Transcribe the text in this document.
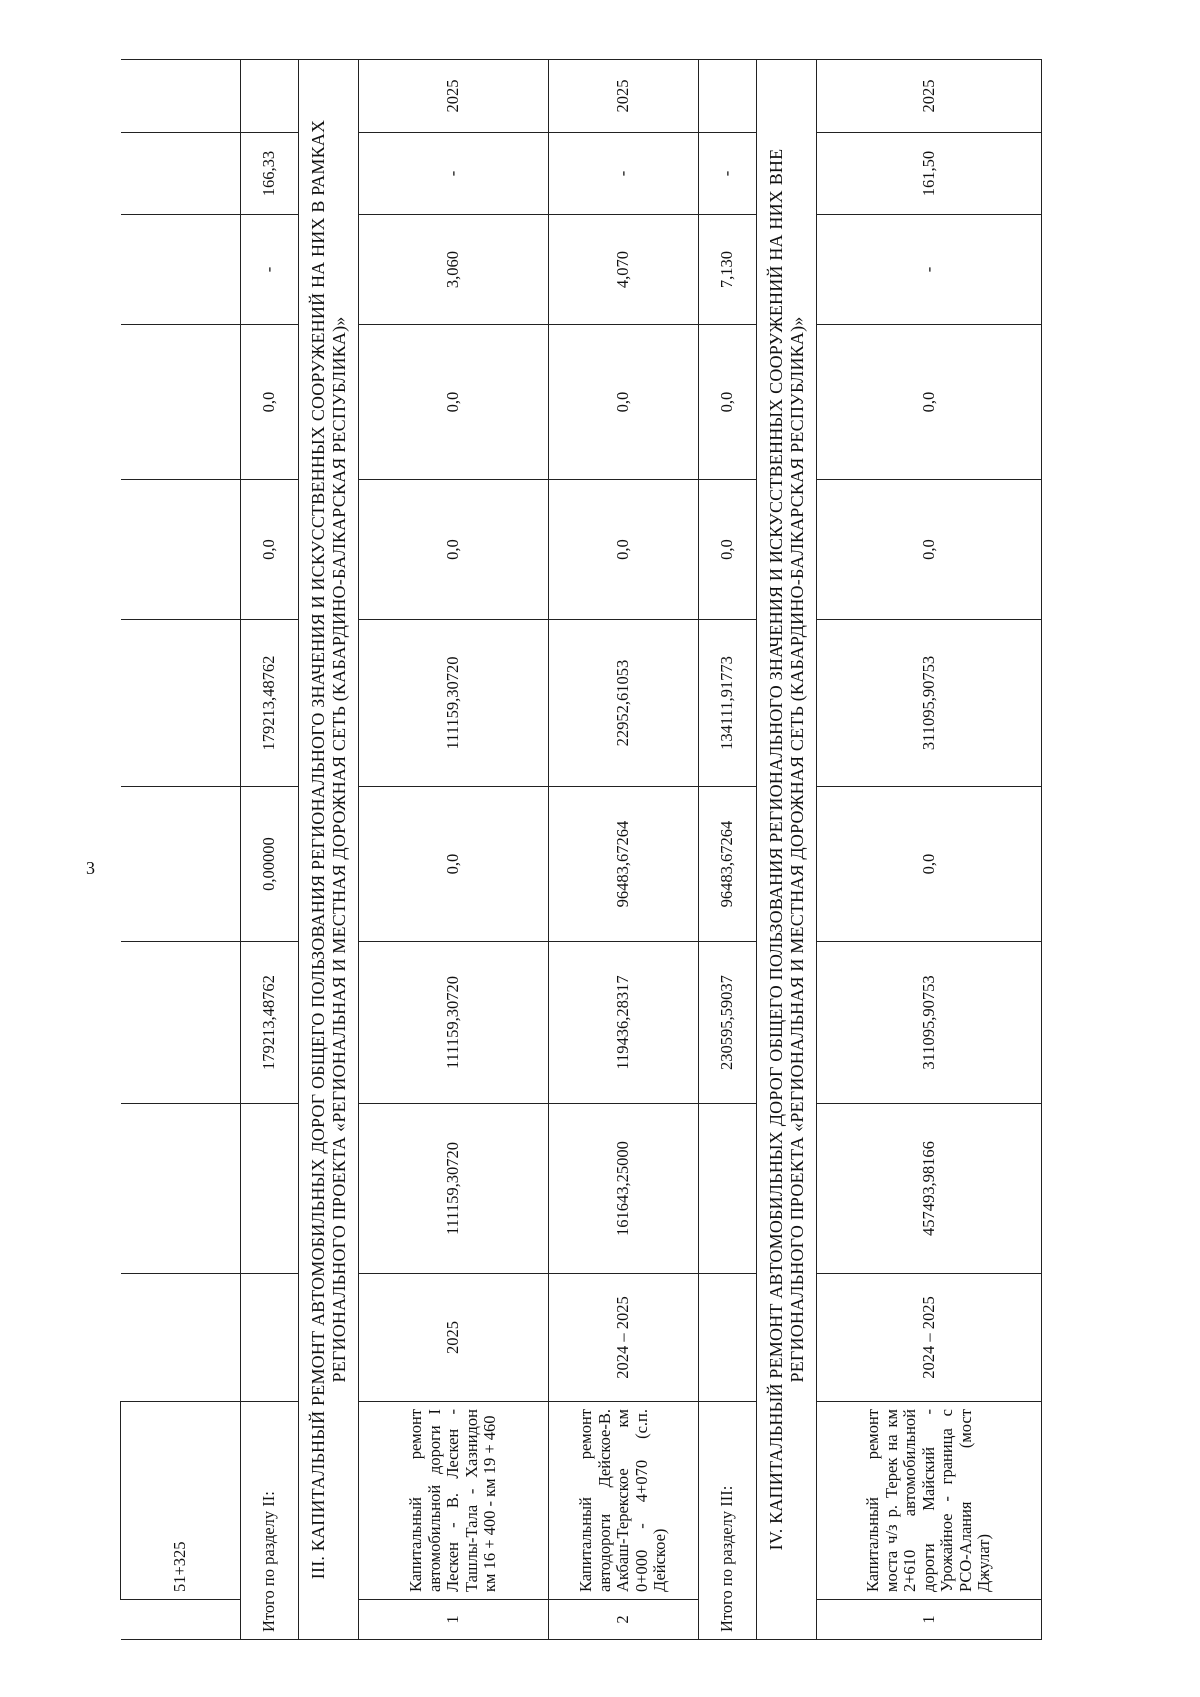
3
	51+325										
Итого по разделу II:				179213,48762	0,00000	179213,48762	0,0	0,0	-	166,33	
III. КАПИТАЛЬНЫЙ РЕМОНТ АВТОМОБИЛЬНЫХ ДОРОГ ОБЩЕГО ПОЛЬЗОВАНИЯ РЕГИОНАЛЬНОГО ЗНАЧЕНИЯ И ИСКУССТВЕННЫХ СООРУЖЕНИЙ НА НИХ В РАМКАХ РЕГИОНАЛЬНОГО ПРОЕКТА «РЕГИОНАЛЬНАЯ И МЕСТНАЯ ДОРОЖНАЯ СЕТЬ (КАБАРДИНО-БАЛКАРСКАЯ РЕСПУБЛИКА)»											
1	Капитальный ремонт автомобильной дороги I Лескен - В. Лескен - Ташлы-Тала - Хазнидон км 16 + 400 - км 19 + 460	2025	111159,30720	111159,30720	0,0	111159,30720	0,0	0,0	3,060	-	2025
2	Капитальный ремонт автодороги Дейское-В. Акбаш-Терекское км 0+000 - 4+070 (с.п. Дейское)	2024 – 2025	161643,25000	119436,28317	96483,67264	22952,61053	0,0	0,0	4,070	-	2025
Итого по разделу III:				230595,59037	96483,67264	134111,91773	0,0	0,0	7,130	-	
IV. КАПИТАЛЬНЫЙ РЕМОНТ АВТОМОБИЛЬНЫХ ДОРОГ ОБЩЕГО ПОЛЬЗОВАНИЯ РЕГИОНАЛЬНОГО ЗНАЧЕНИЯ И ИСКУССТВЕННЫХ СООРУЖЕНИЙ НА НИХ ВНЕ РЕГИОНАЛЬНОГО ПРОЕКТА «РЕГИОНАЛЬНАЯ И МЕСТНАЯ ДОРОЖНАЯ СЕТЬ (КАБАРДИНО-БАЛКАРСКАЯ РЕСПУБЛИКА)»											
1	Капитальный ремонт моста ч/з р. Терек на км 2+610 автомобильной дороги Майский - Урожайное - граница с РСО-Алания (мост Джулат)	2024 – 2025	457493,98166	311095,90753	0,0	311095,90753	0,0	0,0	-	161,50	2025
